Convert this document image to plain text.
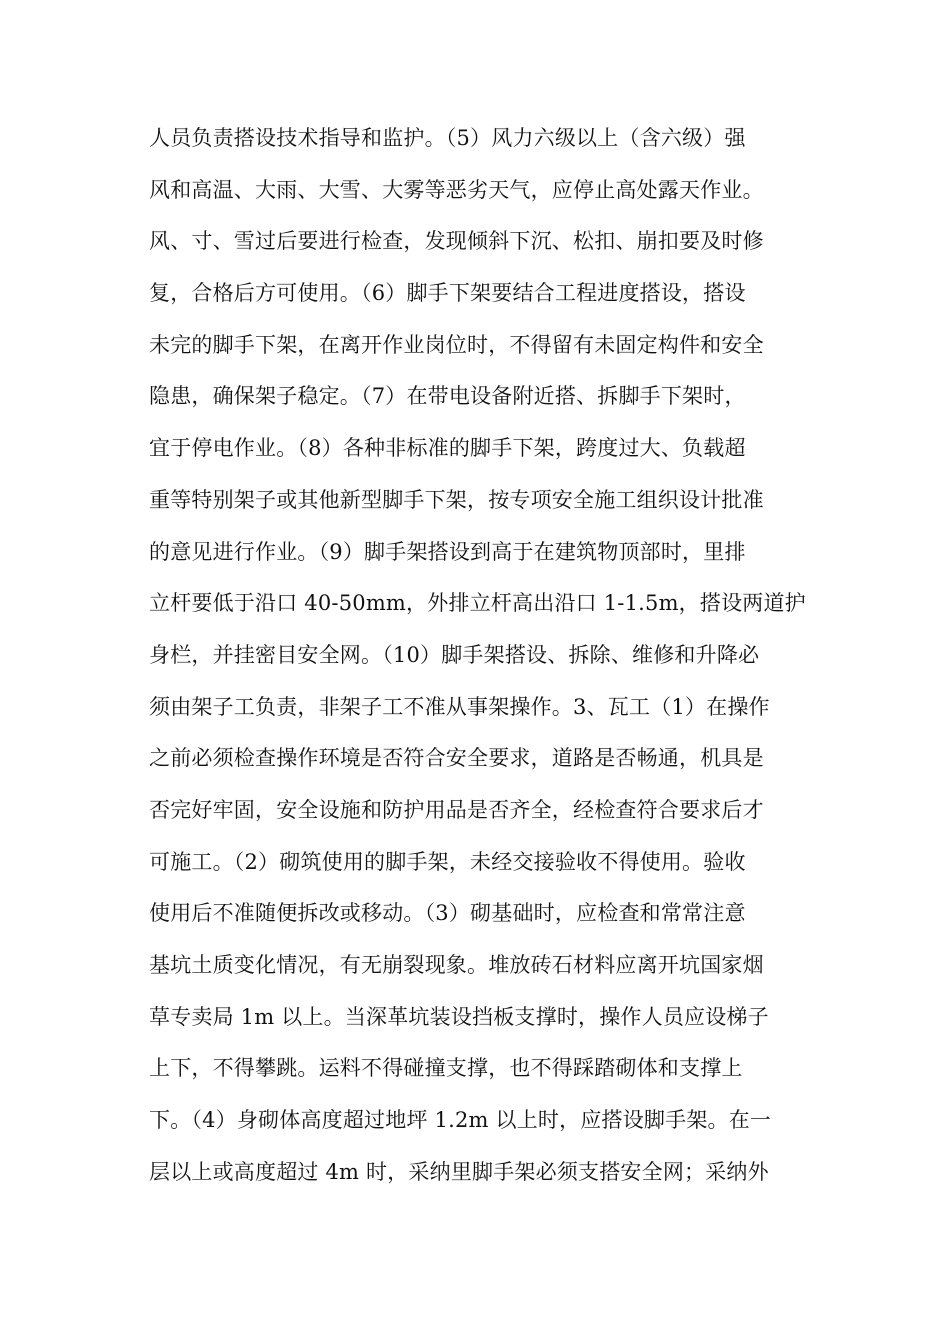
人员负责搭设技术指导和监护。（5）风力六级以上（含六级）强
风和高温、大雨、大雪、大雾等恶劣天气，应停止高处露天作业。
风、寸、雪过后要进行检查，发现倾斜下沉、松扣、崩扣要及时修
复，合格后方可使用。（6）脚手下架要结合工程进度搭设，搭设
未完的脚手下架，在离开作业岗位时，不得留有未固定构件和安全
隐患，确保架子稳定。（7）在带电设备附近搭、拆脚手下架时，
宜于停电作业。（8）各种非标准的脚手下架，跨度过大、负载超
重等特别架子或其他新型脚手下架，按专项安全施工组织设计批准
的意见进行作业。（9）脚手架搭设到高于在建筑物顶部时，里排
立杆要低于沿口 40-50mm，外排立杆高出沿口 1-1.5m，搭设两道护
身栏，并挂密目安全网。（10）脚手架搭设、拆除、维修和升降必
须由架子工负责，非架子工不准从事架操作。3、瓦工（1）在操作
之前必须检查操作环境是否符合安全要求，道路是否畅通，机具是
否完好牢固，安全设施和防护用品是否齐全，经检查符合要求后才
可施工。（2）砌筑使用的脚手架，未经交接验收不得使用。验收
使用后不准随便拆改或移动。（3）砌基础时，应检查和常常注意
基坑土质变化情况，有无崩裂现象。堆放砖石材料应离开坑国家烟
草专卖局 1m 以上。当深革坑装设挡板支撑时，操作人员应设梯子
上下，不得攀跳。运料不得碰撞支撑，也不得踩踏砌体和支撑上
下。（4）身砌体高度超过地坪 1.2m 以上时，应搭设脚手架。在一
层以上或高度超过 4m 时，采纳里脚手架必须支搭安全网；采纳外
